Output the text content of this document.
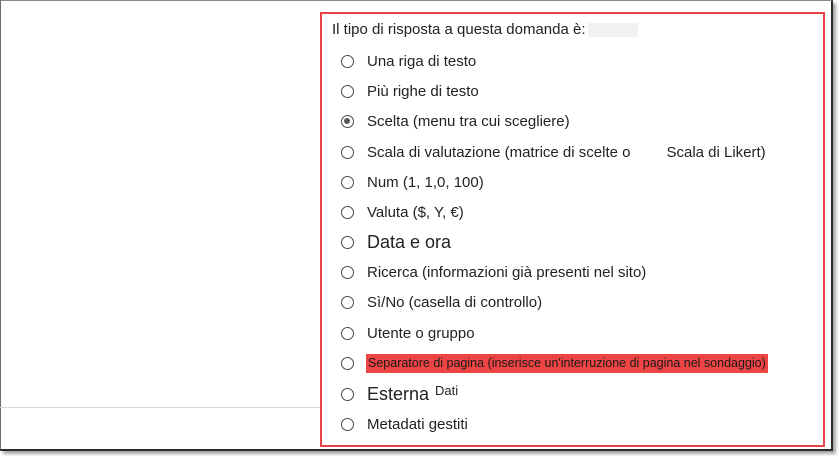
Il tipo di risposta a questa domanda è:
Una riga di testo
Più righe di testo
Scelta (menu tra cui scegliere)
Scala di valutazione (matrice di scelte o Scala di Likert)
Num (1, 1,0, 100)
Valuta ($, Y, €)
Data e ora
Ricerca (informazioni già presenti nel sito)
Sì/No (casella di controllo)
Utente o gruppo
Separatore di pagina (inserisce un'interruzione di pagina nel sondaggio)
Esterna Dati
Metadati gestiti
